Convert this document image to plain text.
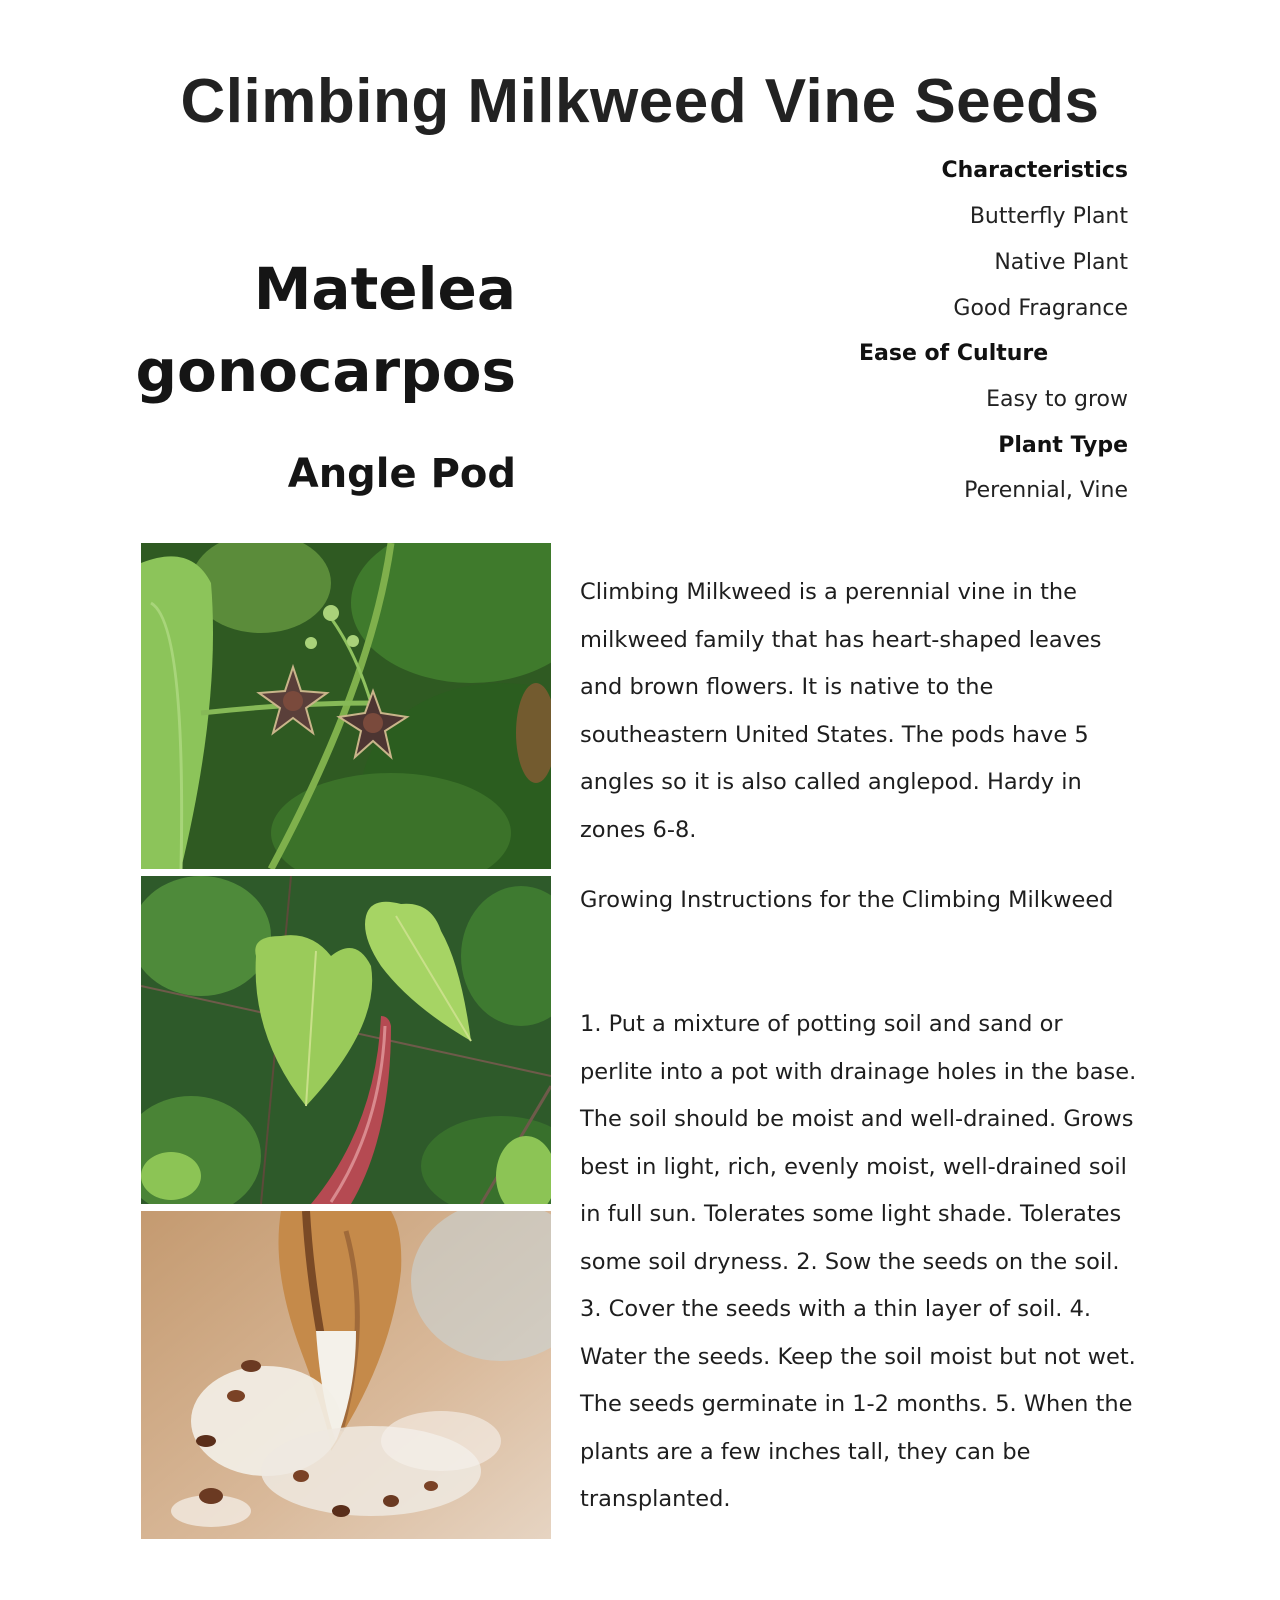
Climbing Milkweed Vine Seeds
Matelea
gonocarpos
Angle Pod
Characteristics
Butterfly Plant
Native Plant
Good Fragrance
Ease of Culture
Easy to grow
Plant Type
Perennial, Vine

Climbing Milkweed is a perennial vine in the milkweed family that has heart-shaped leaves and brown flowers. It is native to the southeastern United States. The pods have 5 angles so it is also called anglepod. Hardy in zones 6-8.

Growing Instructions for the Climbing Milkweed

1. Put a mixture of potting soil and sand or perlite into a pot with drainage holes in the base. The soil should be moist and well-drained. Grows best in light, rich, evenly moist, well-drained soil in full sun. Tolerates some light shade. Tolerates some soil dryness. 2. Sow the seeds on the soil. 3. Cover the seeds with a thin layer of soil. 4. Water the seeds. Keep the soil moist but not wet. The seeds germinate in 1-2 months. 5. When the plants are a few inches tall, they can be transplanted.
